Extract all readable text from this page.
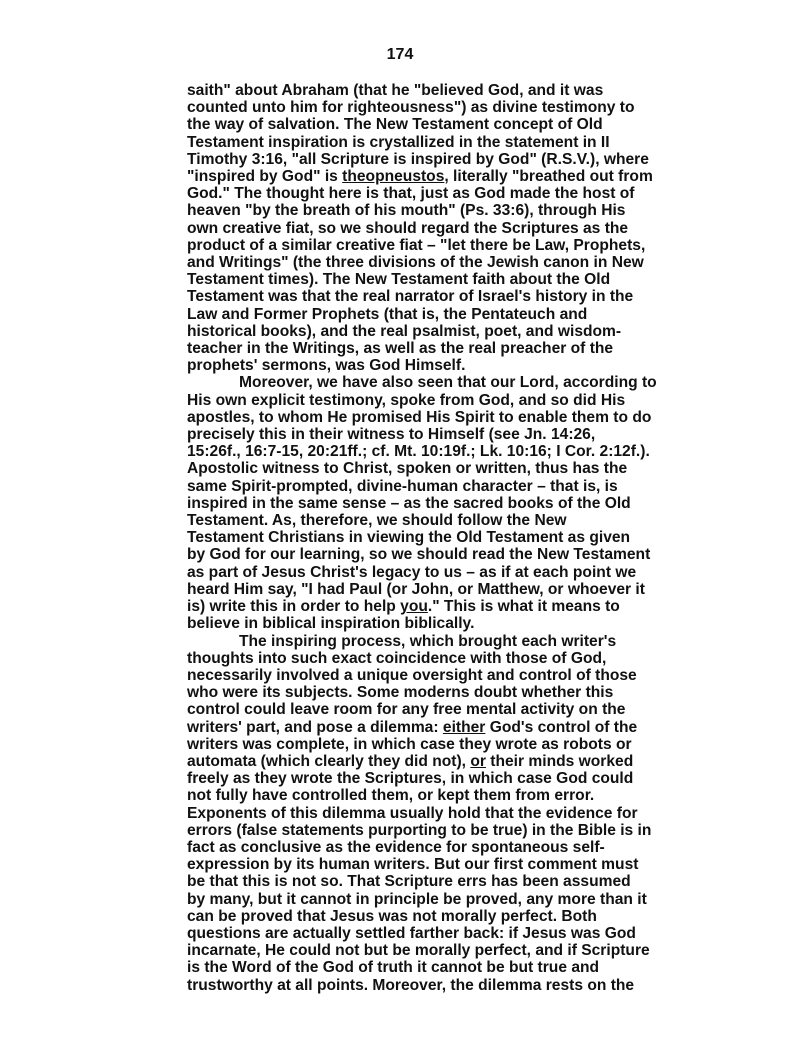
174
saith" about Abraham (that he "believed God, and it was
counted unto him for righteousness") as divine testimony to
the way of salvation. The New Testament concept of Old
Testament inspiration is crystallized in the statement in II
Timothy 3:16, "all Scripture is inspired by God" (R.S.V.), where
"inspired by God" is theopneustos, literally "breathed out from
God." The thought here is that, just as God made the host of
heaven "by the breath of his mouth" (Ps. 33:6), through His
own creative fiat, so we should regard the Scriptures as the
product of a similar creative fiat – "let there be Law, Prophets,
and Writings" (the three divisions of the Jewish canon in New
Testament times). The New Testament faith about the Old
Testament was that the real narrator of Israel's history in the
Law and Former Prophets (that is, the Pentateuch and
historical books), and the real psalmist, poet, and wisdom-
teacher in the Writings, as well as the real preacher of the
prophets' sermons, was God Himself.
Moreover, we have also seen that our Lord, according to
His own explicit testimony, spoke from God, and so did His
apostles, to whom He promised His Spirit to enable them to do
precisely this in their witness to Himself (see Jn. 14:26,
15:26f., 16:7-15, 20:21ff.; cf. Mt. 10:19f.; Lk. 10:16; I Cor. 2:12f.).
Apostolic witness to Christ, spoken or written, thus has the
same Spirit-prompted, divine-human character – that is, is
inspired in the same sense – as the sacred books of the Old
Testament. As, therefore, we should follow the New
Testament Christians in viewing the Old Testament as given
by God for our learning, so we should read the New Testament
as part of Jesus Christ's legacy to us – as if at each point we
heard Him say, "I had Paul (or John, or Matthew, or whoever it
is) write this in order to help you." This is what it means to
believe in biblical inspiration biblically.
The inspiring process, which brought each writer's
thoughts into such exact coincidence with those of God,
necessarily involved a unique oversight and control of those
who were its subjects. Some moderns doubt whether this
control could leave room for any free mental activity on the
writers' part, and pose a dilemma: either God's control of the
writers was complete, in which case they wrote as robots or
automata (which clearly they did not), or their minds worked
freely as they wrote the Scriptures, in which case God could
not fully have controlled them, or kept them from error.
Exponents of this dilemma usually hold that the evidence for
errors (false statements purporting to be true) in the Bible is in
fact as conclusive as the evidence for spontaneous self-
expression by its human writers. But our first comment must
be that this is not so. That Scripture errs has been assumed
by many, but it cannot in principle be proved, any more than it
can be proved that Jesus was not morally perfect. Both
questions are actually settled farther back: if Jesus was God
incarnate, He could not but be morally perfect, and if Scripture
is the Word of the God of truth it cannot be but true and
trustworthy at all points. Moreover, the dilemma rests on the
